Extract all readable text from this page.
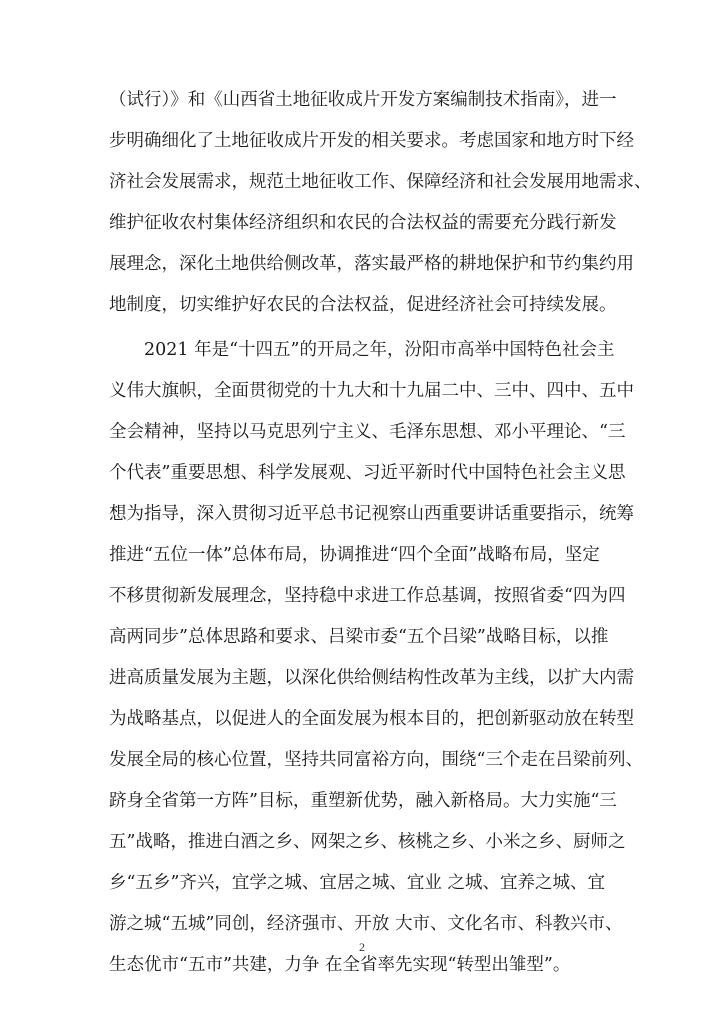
（试行）》和《山西省土地征收成片开发方案编制技术指南》，进一
步明确细化了土地征收成片开发的相关要求。考虑国家和地方时下经
济社会发展需求，规范土地征收工作、保障经济和社会发展用地需求、
维护征收农村集体经济组织和农民的合法权益的需要充分践行新发
展理念，深化土地供给侧改革，落实最严格的耕地保护和节约集约用
地制度，切实维护好农民的合法权益，促进经济社会可持续发展。
　　2021 年是“十四五”的开局之年，汾阳市高举中国特色社会主
义伟大旗帜，全面贯彻党的十九大和十九届二中、三中、四中、五中
全会精神，坚持以马克思列宁主义、毛泽东思想、邓小平理论、“三
个代表”重要思想、科学发展观、习近平新时代中国特色社会主义思
想为指导，深入贯彻习近平总书记视察山西重要讲话重要指示，统筹
推进“五位一体”总体布局，协调推进“四个全面”战略布局，坚定
不移贯彻新发展理念，坚持稳中求进工作总基调，按照省委“四为四
高两同步”总体思路和要求、吕梁市委“五个吕梁”战略目标，以推
进高质量发展为主题，以深化供给侧结构性改革为主线，以扩大内需
为战略基点，以促进人的全面发展为根本目的，把创新驱动放在转型
发展全局的核心位置，坚持共同富裕方向，围绕“三个走在吕梁前列、
跻身全省第一方阵”目标，重塑新优势，融入新格局。大力实施“三
五”战略，推进白酒之乡、网架之乡、核桃之乡、小米之乡、厨师之
乡“五乡”齐兴，宜学之城、宜居之城、宜业 之城、宜养之城、宜
游之城“五城”同创，经济强市、开放 大市、文化名市、科教兴市、
生态优市“五市”共建，力争 在全省率先实现“转型出雏型”。
2
